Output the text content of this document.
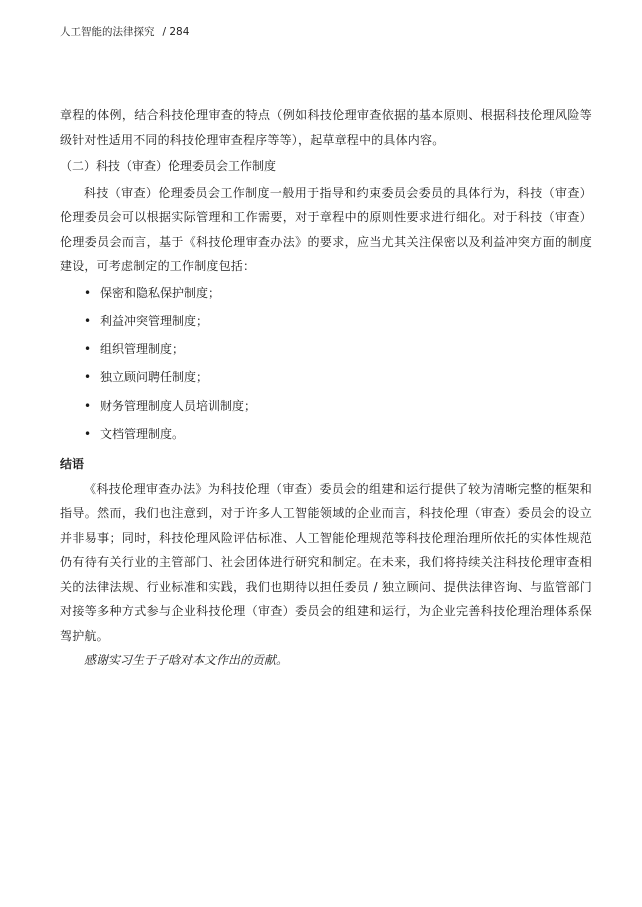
人工智能的法律探究 / 284

章程的体例，结合科技伦理审查的特点（例如科技伦理审查依据的基本原则、根据科技伦理风险等级针对性适用不同的科技伦理审查程序等等），起草章程中的具体内容。

（二）科技（审查）伦理委员会工作制度

科技（审查）伦理委员会工作制度一般用于指导和约束委员会委员的具体行为，科技（审查）伦理委员会可以根据实际管理和工作需要，对于章程中的原则性要求进行细化。对于科技（审查）伦理委员会而言，基于《科技伦理审查办法》的要求，应当尤其关注保密以及利益冲突方面的制度建设，可考虑制定的工作制度包括：

• 保密和隐私保护制度；
• 利益冲突管理制度；
• 组织管理制度；
• 独立顾问聘任制度；
• 财务管理制度人员培训制度；
• 文档管理制度。

结语

《科技伦理审查办法》为科技伦理（审查）委员会的组建和运行提供了较为清晰完整的框架和指导。然而，我们也注意到，对于许多人工智能领域的企业而言，科技伦理（审查）委员会的设立并非易事；同时，科技伦理风险评估标准、人工智能伦理规范等科技伦理治理所依托的实体性规范仍有待有关行业的主管部门、社会团体进行研究和制定。在未来，我们将持续关注科技伦理审查相关的法律法规、行业标准和实践，我们也期待以担任委员 / 独立顾问、提供法律咨询、与监管部门对接等多种方式参与企业科技伦理（审查）委员会的组建和运行，为企业完善科技伦理治理体系保驾护航。

感谢实习生于子晗对本文作出的贡献。
